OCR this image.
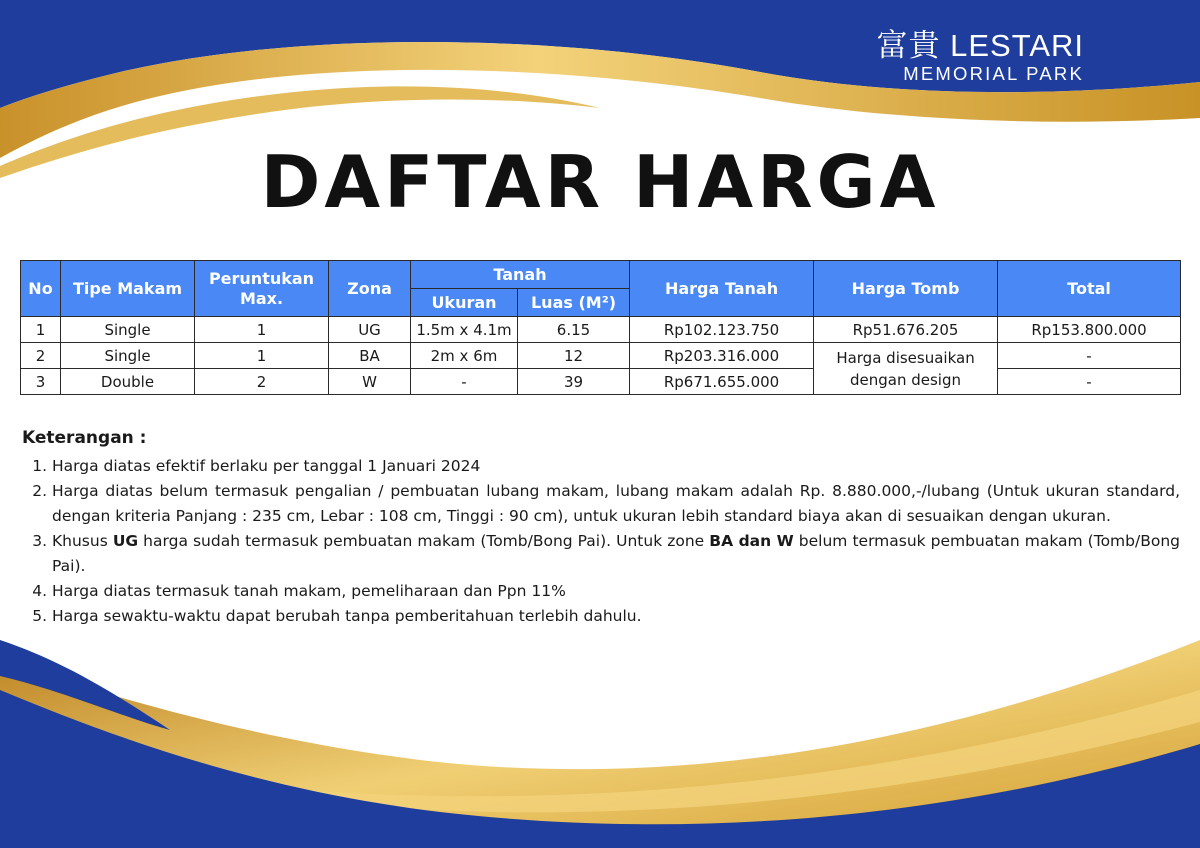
富貴 LESTARI
MEMORIAL PARK
DAFTAR HARGA
No	Tipe Makam	Peruntukan Max.	Zona	Tanah		Harga Tanah	Harga Tomb	Total
				Ukuran	Luas (M²)			
1	Single	1	UG	1.5m x 4.1m	6.15	Rp102.123.750	Rp51.676.205	Rp153.800.000
2	Single	1	BA	2m x 6m	12	Rp203.316.000	Harga disesuaikan dengan design	-
3	Double	2	W	-	39	Rp671.655.000		-
Keterangan :
1. Harga diatas efektif berlaku per tanggal 1 Januari 2024
2. Harga diatas belum termasuk pengalian / pembuatan lubang makam, lubang makam adalah Rp. 8.880.000,-/lubang (Untuk ukuran standard, dengan kriteria Panjang : 235 cm, Lebar : 108 cm, Tinggi : 90 cm), untuk ukuran lebih standard biaya akan di sesuaikan dengan ukuran.
3. Khusus UG harga sudah termasuk pembuatan makam (Tomb/Bong Pai). Untuk zone BA dan W belum termasuk pembuatan makam (Tomb/Bong Pai).
4. Harga diatas termasuk tanah makam, pemeliharaan dan Ppn 11%
5. Harga sewaktu-waktu dapat berubah tanpa pemberitahuan terlebih dahulu.
